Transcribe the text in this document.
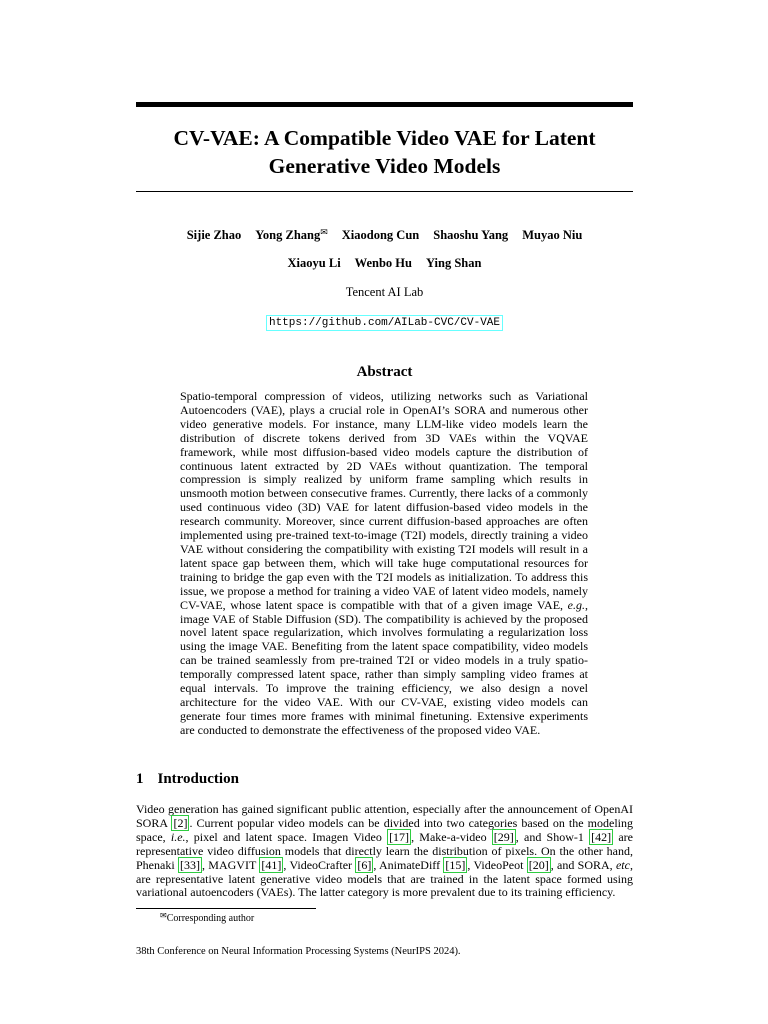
CV-VAE: A Compatible Video VAE for Latent
Generative Video Models
Sijie Zhao Yong Zhang✉ Xiaodong Cun Shaoshu Yang Muyao Niu
Xiaoyu Li Wenbo Hu Ying Shan
Tencent AI Lab
https://github.com/AILab-CVC/CV-VAE
Abstract

Spatio-temporal compression of videos, utilizing networks such as Variational Autoencoders (VAE), plays a crucial role in OpenAI’s SORA and numerous other video generative models. For instance, many LLM-like video models learn the distribution of discrete tokens derived from 3D VAEs within the VQVAE framework, while most diffusion-based video models capture the distribution of continuous latent extracted by 2D VAEs without quantization. The temporal compression is simply realized by uniform frame sampling which results in unsmooth motion between consecutive frames. Currently, there lacks of a commonly used continuous video (3D) VAE for latent diffusion-based video models in the research community. Moreover, since current diffusion-based approaches are often implemented using pre-trained text-to-image (T2I) models, directly training a video VAE without considering the compatibility with existing T2I models will result in a latent space gap between them, which will take huge computational resources for training to bridge the gap even with the T2I models as initialization. To address this issue, we propose a method for training a video VAE of latent video models, namely CV-VAE, whose latent space is compatible with that of a given image VAE, e.g., image VAE of Stable Diffusion (SD). The compatibility is achieved by the proposed novel latent space regularization, which involves formulating a regularization loss using the image VAE. Benefiting from the latent space compatibility, video models can be trained seamlessly from pre-trained T2I or video models in a truly spatio-temporally compressed latent space, rather than simply sampling video frames at equal intervals. To improve the training efficiency, we also design a novel architecture for the video VAE. With our CV-VAE, existing video models can generate four times more frames with minimal finetuning. Extensive experiments are conducted to demonstrate the effectiveness of the proposed video VAE.

1 Introduction

Video generation has gained significant public attention, especially after the announcement of OpenAI SORA [2] . Current popular video models can be divided into two categories based on the modeling space, i.e., pixel and latent space. Imagen Video [17] , Make-a-video [29] , and Show-1 [42] are representative video diffusion models that directly learn the distribution of pixels. On the other hand, Phenaki [33] , MAGVIT [41] , VideoCrafter [6] , AnimateDiff [15] , VideoPeot [20] , and SORA, etc, are representative latent generative video models that are trained in the latent space formed using variational autoencoders (VAEs). The latter category is more prevalent due to its training efficiency.

✉Corresponding author
38th Conference on Neural Information Processing Systems (NeurIPS 2024).
